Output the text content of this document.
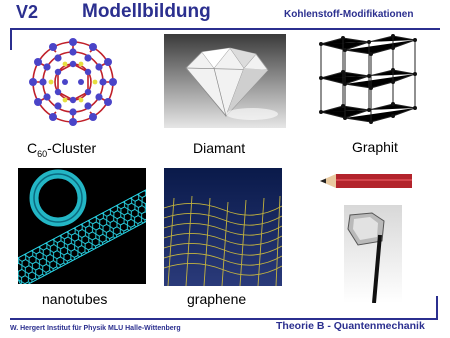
V2 Modellbildung	Kohlenstoff-Modifikationen
$C_{60}$-Cluster	Diamant	Graphit
nanotubes	graphene
W. Hergert Institut für Physik MLU Halle-Wittenberg	Theorie B - Quantenmechanik
